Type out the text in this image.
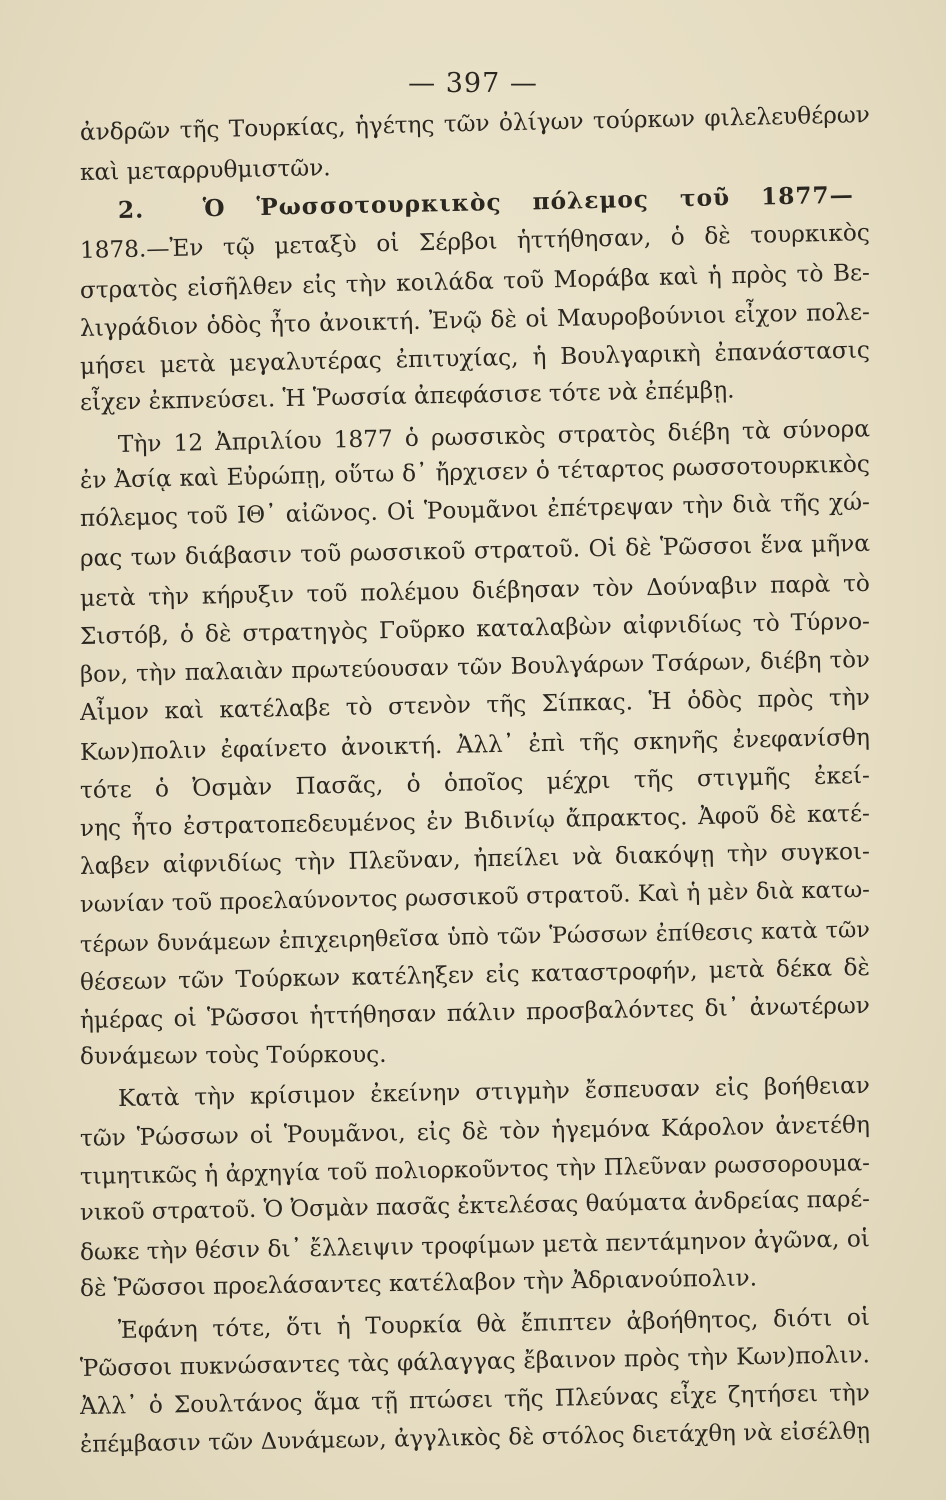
— 397 —
ἀνδρῶν τῆς Τουρκίας, ἡγέτης τῶν ὀλίγων τούρκων φιλελευθέρων
καὶ μεταρρυθμιστῶν.
2.	Ὁ Ῥωσσοτουρκικὸς πόλεμος τοῦ 1877—
1878.—Ἐν τῷ μεταξὺ οἱ Σέρβοι ἡττήθησαν, ὁ δὲ τουρκικὸς
στρατὸς εἰσῆλθεν εἰς τὴν κοιλάδα τοῦ Μοράβα καὶ ἡ πρὸς τὸ Βε-
λιγράδιον ὁδὸς ἦτο ἀνοικτή. Ἐνῷ δὲ οἱ Μαυροβούνιοι εἶχον πολε-
μήσει μετὰ μεγαλυτέρας ἐπιτυχίας, ἡ Βουλγαρικὴ ἐπανάστασις
εἶχεν ἐκπνεύσει. Ἡ Ῥωσσία ἀπεφάσισε τότε νὰ ἐπέμβῃ.
Τὴν 12 Ἀπριλίου 1877 ὁ ρωσσικὸς στρατὸς διέβη τὰ σύνορα
ἐν Ἀσίᾳ καὶ Εὐρώπῃ, οὕτω δ᾽ ἤρχισεν ὁ τέταρτος ρωσσοτουρκικὸς
πόλεμος τοῦ ΙΘ᾽ αἰῶνος. Οἱ Ῥουμᾶνοι ἐπέτρεψαν τὴν διὰ τῆς χώ-
ρας των διάβασιν τοῦ ρωσσικοῦ στρατοῦ. Οἱ δὲ Ῥῶσσοι ἕνα μῆνα
μετὰ τὴν κήρυξιν τοῦ πολέμου διέβησαν τὸν Δούναβιν παρὰ τὸ
Σιστόβ, ὁ δὲ στρατηγὸς Γοῦρκο καταλαβὼν αἰφνιδίως τὸ Τύρνο-
βον, τὴν παλαιὰν πρωτεύουσαν τῶν Βουλγάρων Τσάρων, διέβη τὸν
Αἶμον καὶ κατέλαβε τὸ στενὸν τῆς Σίπκας. Ἡ ὁδὸς πρὸς τὴν
Κων)πολιν ἐφαίνετο ἀνοικτή. Ἀλλ᾽ ἐπὶ τῆς σκηνῆς ἐνεφανίσθη
τότε ὁ Ὀσμὰν Πασᾶς, ὁ ὁποῖος μέχρι τῆς στιγμῆς ἐκεί-
νης ἦτο ἐστρατοπεδευμένος ἐν Βιδινίῳ ἄπρακτος. Ἀφοῦ δὲ κατέ-
λαβεν αἰφνιδίως τὴν Πλεῦναν, ἠπείλει νὰ διακόψῃ τὴν συγκοι-
νωνίαν τοῦ προελαύνοντος ρωσσικοῦ στρατοῦ. Καὶ ἡ μὲν διὰ κατω-
τέρων δυνάμεων ἐπιχειρηθεῖσα ὑπὸ τῶν Ῥώσσων ἐπίθεσις κατὰ τῶν
θέσεων τῶν Τούρκων κατέληξεν εἰς καταστροφήν, μετὰ δέκα δὲ
ἡμέρας οἱ Ῥῶσσοι ἡττήθησαν πάλιν προσβαλόντες δι᾽ ἀνωτέρων
δυνάμεων τοὺς Τούρκους.
Κατὰ τὴν κρίσιμον ἐκείνην στιγμὴν ἔσπευσαν εἰς βοήθειαν
τῶν Ῥώσσων οἱ Ῥουμᾶνοι, εἰς δὲ τὸν ἡγεμόνα Κάρολον ἀνετέθη
τιμητικῶς ἡ ἀρχηγία τοῦ πολιορκοῦντος τὴν Πλεῦναν ρωσσορουμα-
νικοῦ στρατοῦ. Ὁ Ὀσμὰν πασᾶς ἐκτελέσας θαύματα ἀνδρείας παρέ-
δωκε τὴν θέσιν δι᾽ ἔλλειψιν τροφίμων μετὰ πεντάμηνον ἀγῶνα, οἱ
δὲ Ῥῶσσοι προελάσαντες κατέλαβον τὴν Ἀδριανούπολιν.
Ἐφάνη τότε, ὅτι ἡ Τουρκία θὰ ἔπιπτεν ἀβοήθητος, διότι οἱ
Ῥῶσσοι πυκνώσαντες τὰς φάλαγγας ἔβαινον πρὸς τὴν Κων)πολιν.
Ἀλλ᾽ ὁ Σουλτάνος ἅμα τῇ πτώσει τῆς Πλεύνας εἶχε ζητήσει τὴν
ἐπέμβασιν τῶν Δυνάμεων, ἀγγλικὸς δὲ στόλος διετάχθη νὰ εἰσέλθῃ
